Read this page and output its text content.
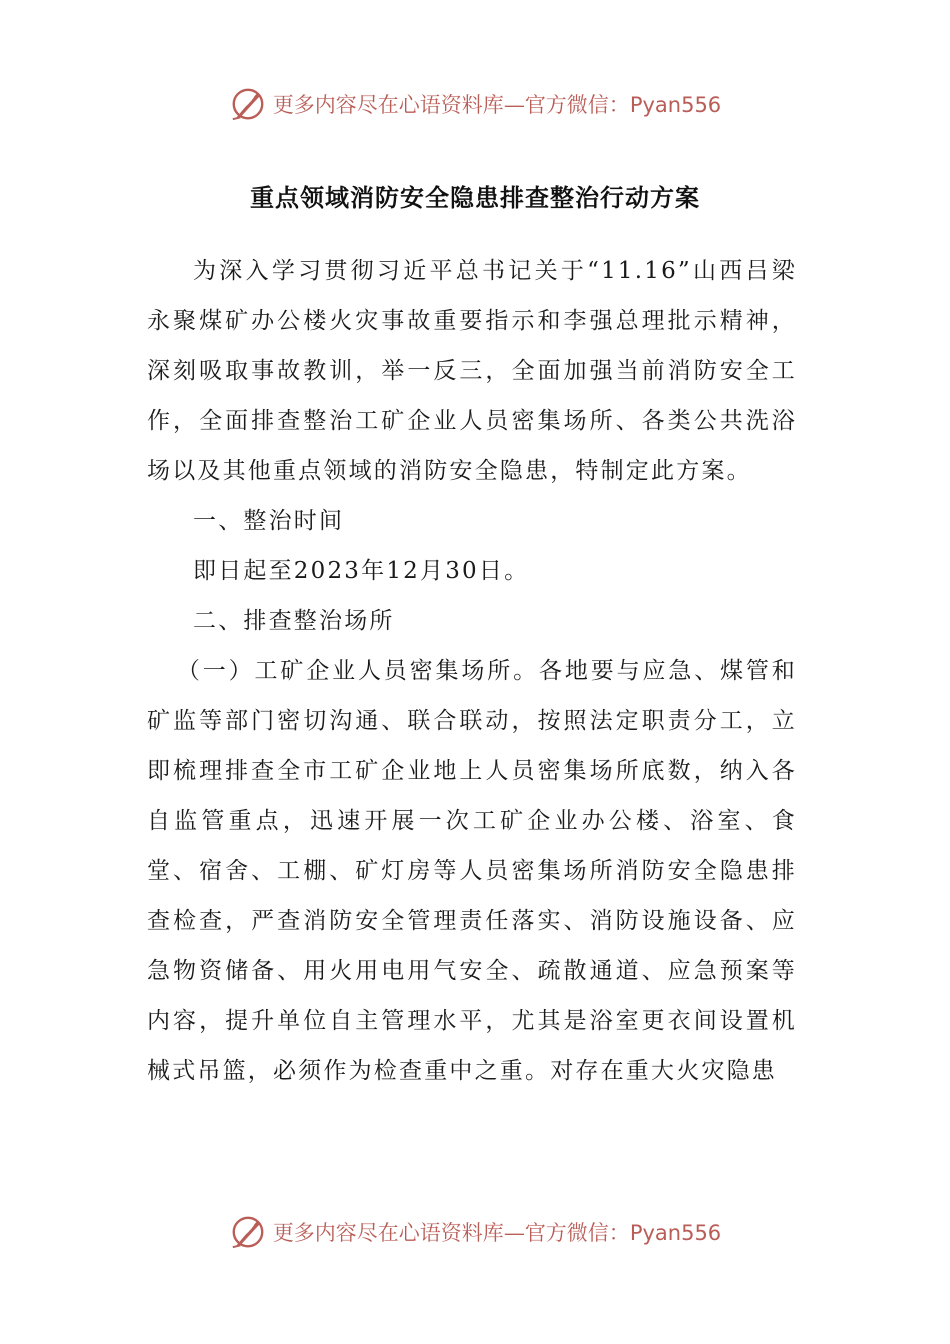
更多内容尽在心语资料库—官方微信：Pyan556
重点领域消防安全隐患排查整治行动方案

为深入学习贯彻习近平总书记关于“11.16”山西吕梁永聚煤矿办公楼火灾事故重要指示和李强总理批示精神，深刻吸取事故教训，举一反三，全面加强当前消防安全工作，全面排查整治工矿企业人员密集场所、各类公共洗浴场以及其他重点领域的消防安全隐患，特制定此方案。

一、整治时间

即日起至2023年12月30日。

二、排查整治场所

（一）工矿企业人员密集场所。各地要与应急、煤管和矿监等部门密切沟通、联合联动，按照法定职责分工，立即梳理排查全市工矿企业地上人员密集场所底数，纳入各自监管重点，迅速开展一次工矿企业办公楼、浴室、食堂、宿舍、工棚、矿灯房等人员密集场所消防安全隐患排查检查，严查消防安全管理责任落实、消防设施设备、应急物资储备、用火用电用气安全、疏散通道、应急预案等内容，提升单位自主管理水平，尤其是浴室更衣间设置机械式吊篮，必须作为检查重中之重。对存在重大火灾隐患

更多内容尽在心语资料库—官方微信：Pyan556
